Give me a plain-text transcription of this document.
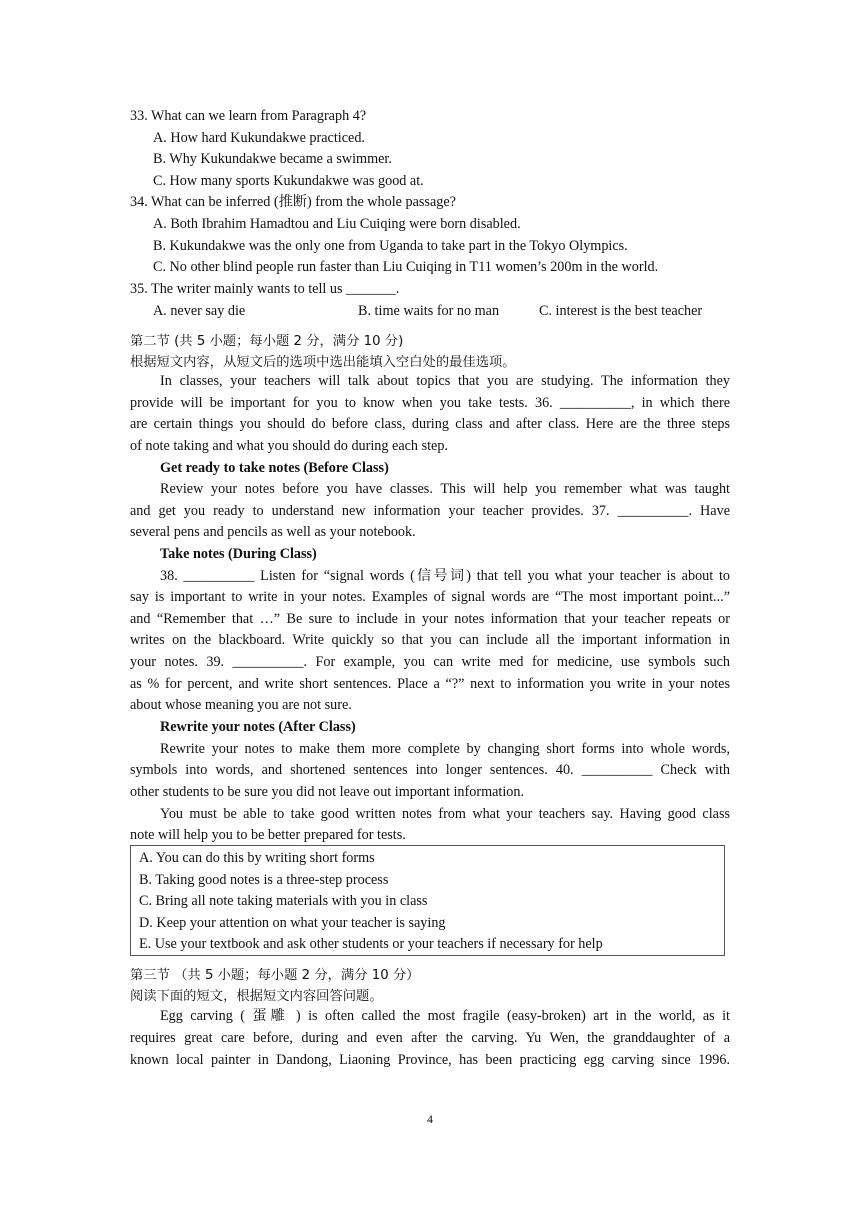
33. What can we learn from Paragraph 4?
A. How hard Kukundakwe practiced.
B. Why Kukundakwe became a swimmer.
C. How many sports Kukundakwe was good at.
34. What can be inferred (推断) from the whole passage?
A. Both Ibrahim Hamadtou and Liu Cuiqing were born disabled.
B. Kukundakwe was the only one from Uganda to take part in the Tokyo Olympics.
C. No other blind people run faster than Liu Cuiqing in T11 women’s 200m in the world.
35. The writer mainly wants to tell us _______.
A. never say die	B. time waits for no man	C. interest is the best teacher
第二节 (共 5 小题；每小题 2 分，满分 10 分)
根据短文内容，从短文后的选项中选出能填入空白处的最佳选项。
In classes, your teachers will talk about topics that you are studying. The information they
provide will be important for you to know when you take tests. 36. __________, in which there
are certain things you should do before class, during class and after class. Here are the three steps
of note taking and what you should do during each step.
Get ready to take notes (Before Class)
Review your notes before you have classes. This will help you remember what was taught
and get you ready to understand new information your teacher provides. 37. __________. Have
several pens and pencils as well as your notebook.
Take notes (During Class)
38. __________ Listen for “signal words (信号词) that tell you what your teacher is about to
say is important to write in your notes. Examples of signal words are “The most important point...”
and “Remember that …” Be sure to include in your notes information that your teacher repeats or
writes on the blackboard. Write quickly so that you can include all the important information in
your notes. 39. __________. For example, you can write med for medicine, use symbols such
as % for percent, and write short sentences. Place a “?” next to information you write in your notes
about whose meaning you are not sure.
Rewrite your notes (After Class)
Rewrite your notes to make them more complete by changing short forms into whole words,
symbols into words, and shortened sentences into longer sentences. 40. __________ Check with
other students to be sure you did not leave out important information.
You must be able to take good written notes from what your teachers say. Having good class
note will help you to be better prepared for tests.
A. You can do this by writing short forms
B. Taking good notes is a three-step process
C. Bring all note taking materials with you in class
D. Keep your attention on what your teacher is saying
E. Use your textbook and ask other students or your teachers if necessary for help
第三节 （共 5 小题；每小题 2 分，满分 10 分）
阅读下面的短文，根据短文内容回答问题。
Egg carving ( 蛋雕 ) is often called the most fragile (easy-broken) art in the world, as it
requires great care before, during and even after the carving. Yu Wen, the granddaughter of a
known local painter in Dandong, Liaoning Province, has been practicing egg carving since 1996.
4
